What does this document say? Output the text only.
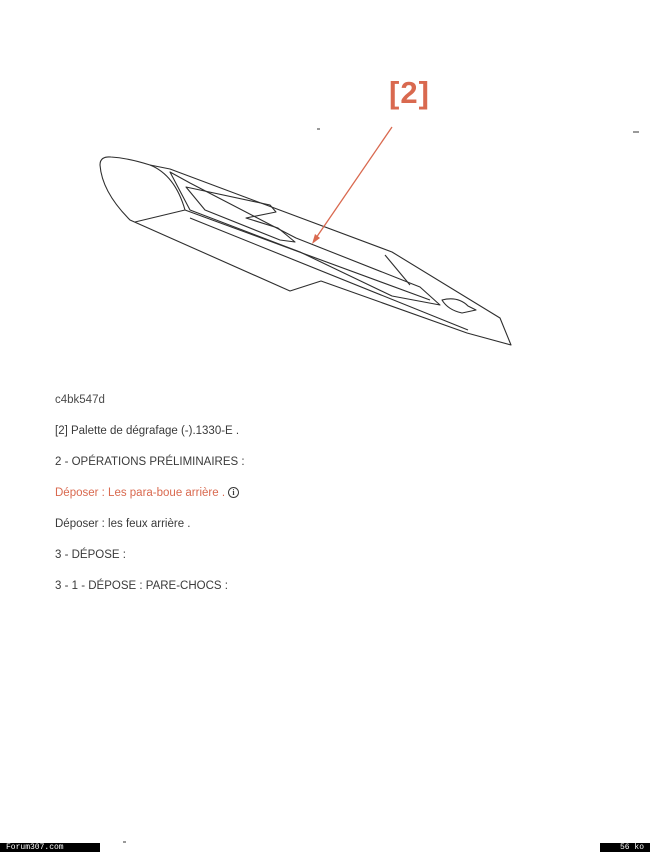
[2]
c4bk547d
[2] Palette de dégrafage (-).1330-E .
2 - OPÉRATIONS PRÉLIMINAIRES :
Déposer : Les para-boue arrière . i
Déposer : les feux arrière .
3 - DÉPOSE :
3 - 1 - DÉPOSE : PARE-CHOCS :
Forum307.com	56 ko
